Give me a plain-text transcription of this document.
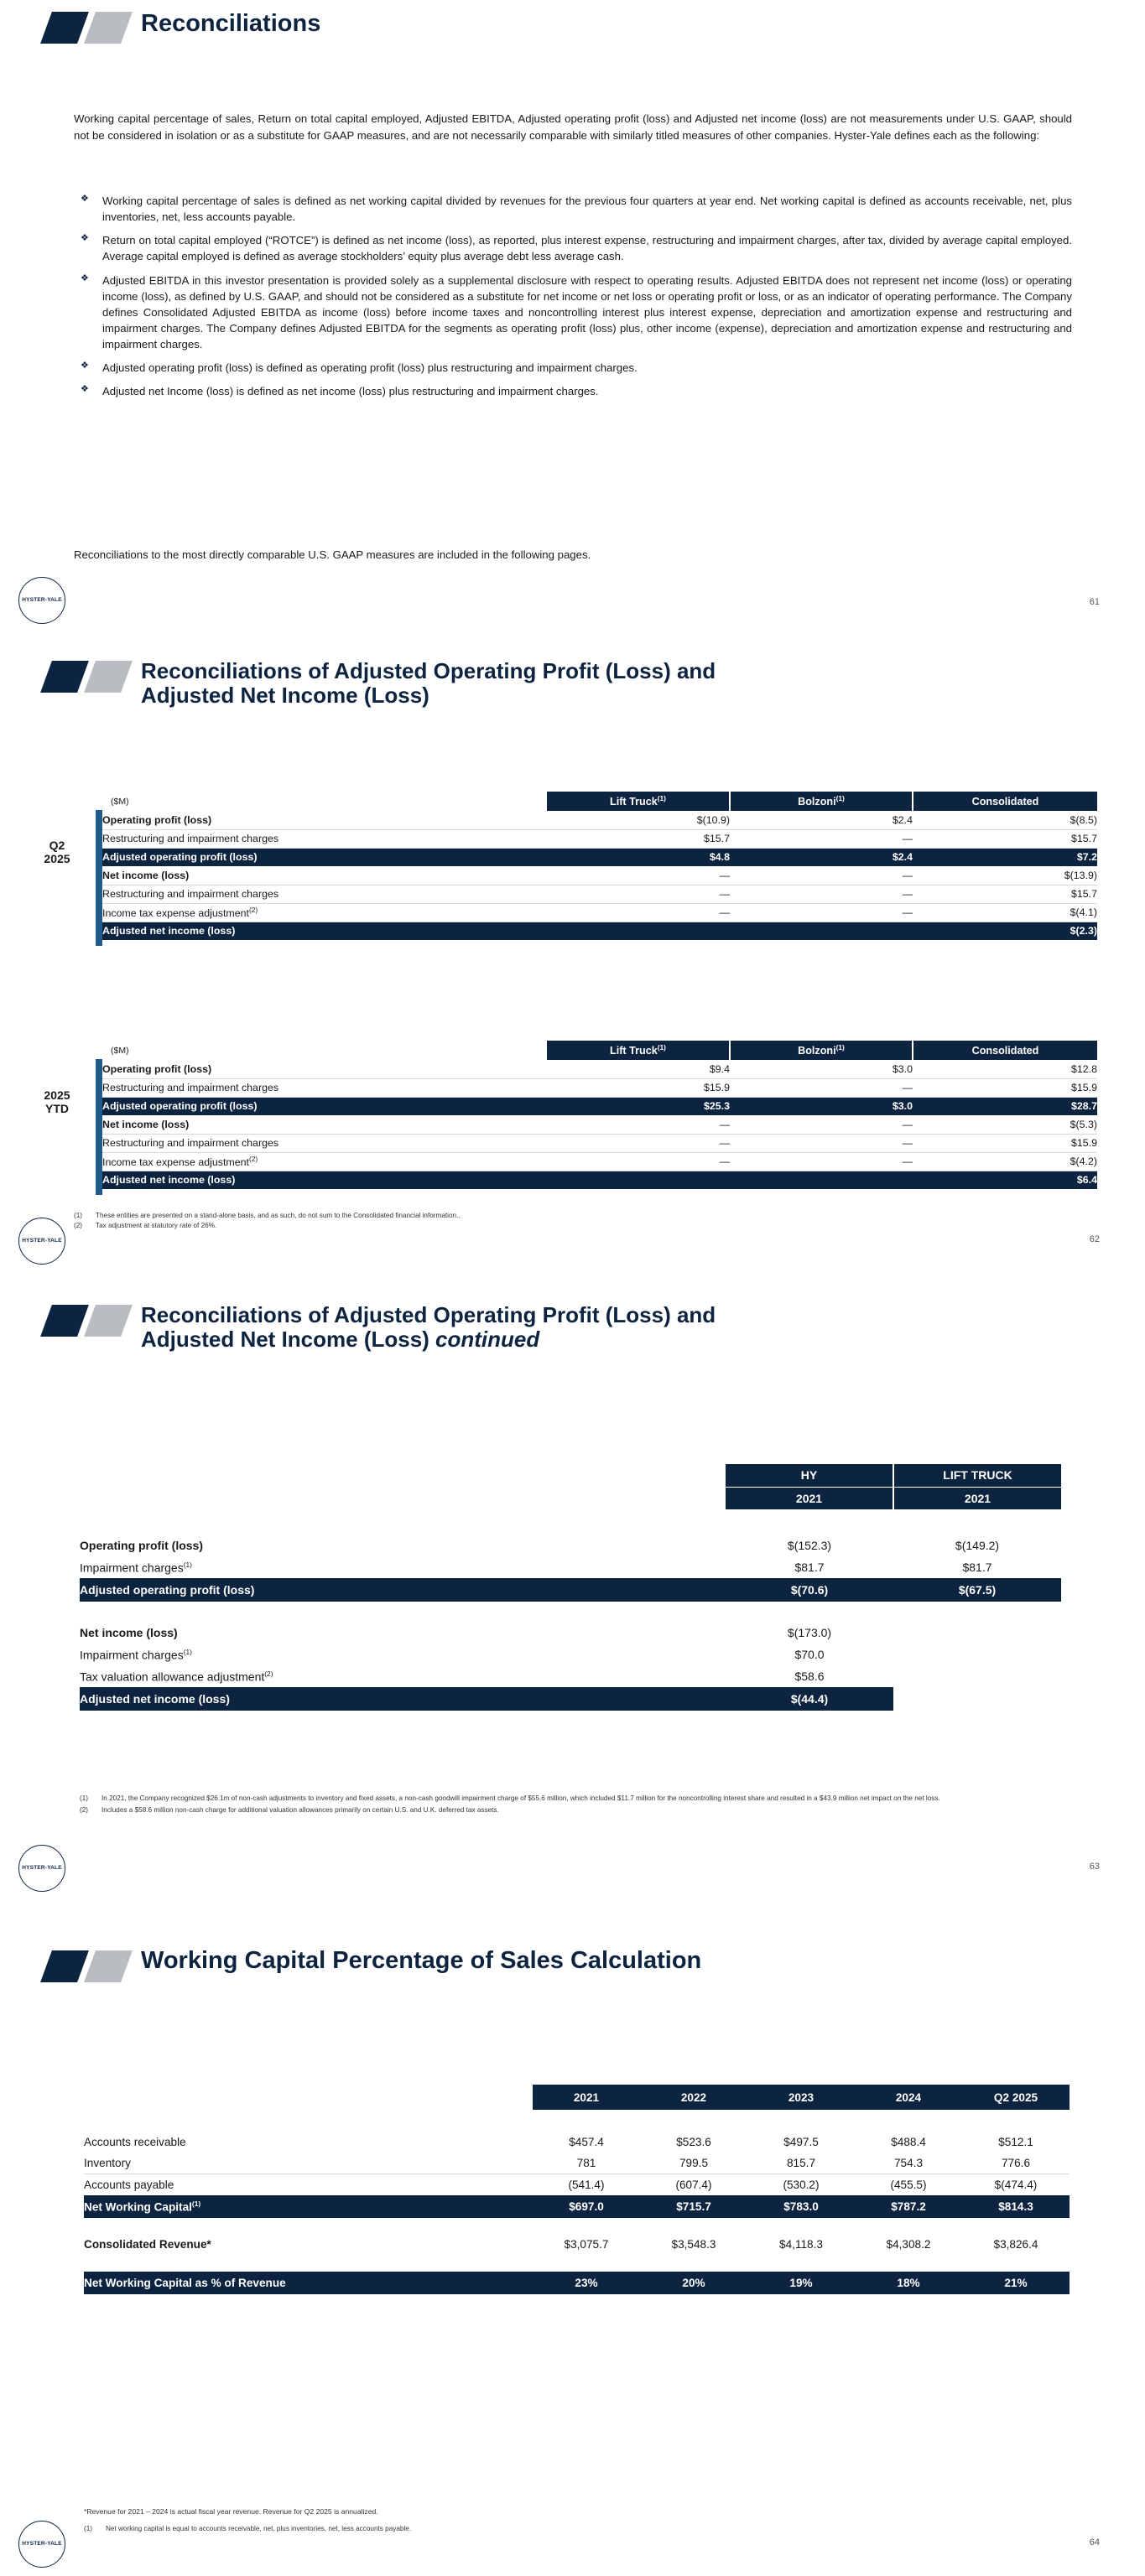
Reconciliations
Working capital percentage of sales, Return on total capital employed, Adjusted EBITDA, Adjusted operating profit (loss) and Adjusted net income (loss) are not measurements under U.S. GAAP, should not be considered in isolation or as a substitute for GAAP measures, and are not necessarily comparable with similarly titled measures of other companies. Hyster-Yale defines each as the following:
❖ Working capital percentage of sales is defined as net working capital divided by revenues for the previous four quarters at year end. Net working capital is defined as accounts receivable, net, plus inventories, net, less accounts payable.
❖ Return on total capital employed (“ROTCE”) is defined as net income (loss), as reported, plus interest expense, restructuring and impairment charges, after tax, divided by average capital employed. Average capital employed is defined as average stockholders’ equity plus average debt less average cash.
❖ Adjusted EBITDA in this investor presentation is provided solely as a supplemental disclosure with respect to operating results. Adjusted EBITDA does not represent net income (loss) or operating income (loss), as defined by U.S. GAAP, and should not be considered as a substitute for net income or net loss or operating profit or loss, or as an indicator of operating performance. The Company defines Consolidated Adjusted EBITDA as income (loss) before income taxes and noncontrolling interest plus interest expense, depreciation and amortization expense and restructuring and impairment charges. The Company defines Adjusted EBITDA for the segments as operating profit (loss) plus, other income (expense), depreciation and amortization expense and restructuring and impairment charges.
❖ Adjusted operating profit (loss) is defined as operating profit (loss) plus restructuring and impairment charges.
❖ Adjusted net Income (loss) is defined as net income (loss) plus restructuring and impairment charges.
Reconciliations to the most directly comparable U.S. GAAP measures are included in the following pages.
HYSTER-YALE	61
Reconciliations of Adjusted Operating Profit (Loss) and
Adjusted Net Income (Loss)
Q2
2025
($M)	Lift Truck$^{(1)}$	Bolzoni$^{(1)}$	Consolidated
Operating profit (loss)	$(10.9)	$2.4	$(8.5)
Restructuring and impairment charges	$15.7	—	$15.7
Adjusted operating profit (loss)	$4.8	$2.4	$7.2
Net income (loss)	—	—	$(13.9)
Restructuring and impairment charges	—	—	$15.7
Income tax expense adjustment$^{(2)}$	—	—	$(4.1)
Adjusted net income (loss)			$(2.3)
2025
YTD
($M)	Lift Truck$^{(1)}$	Bolzoni$^{(1)}$	Consolidated
Operating profit (loss)	$9.4	$3.0	$12.8
Restructuring and impairment charges	$15.9	—	$15.9
Adjusted operating profit (loss)	$25.3	$3.0	$28.7
Net income (loss)	—	—	$(5.3)
Restructuring and impairment charges	—	—	$15.9
Income tax expense adjustment$^{(2)}$	—	—	$(4.2)
Adjusted net income (loss)			$6.4
(1) These entities are presented on a stand-alone basis, and as such, do not sum to the Consolidated financial information..
(2) Tax adjustment at statutory rate of 26%.
HYSTER-YALE	62
Reconciliations of Adjusted Operating Profit (Loss) and
Adjusted Net Income (Loss) continued
	HY	LIFT TRUCK
	2021	2021

Operating profit (loss)	$(152.3)	$(149.2)
Impairment charges$^{(1)}$	$81.7	$81.7
Adjusted operating profit (loss)	$(70.6)	$(67.5)

Net income (loss)	$(173.0)	
Impairment charges$^{(1)}$	$70.0	
Tax valuation allowance adjustment$^{(2)}$	$58.6	
Adjusted net income (loss)	$(44.4)	
(1)	In 2021, the Company recognized $26.1m of non-cash adjustments to inventory and fixed assets, a non-cash goodwill impairment charge of $55.6 million, which included $11.7 million for the noncontrolling interest share and resulted in a $43.9 million net impact on the net loss.
(2)	Includes a $58.6 million non-cash charge for additional valuation allowances primarily on certain U.S. and U.K. deferred tax assets.
HYSTER-YALE	63
Working Capital Percentage of Sales Calculation
	2021	2022	2023	2024	Q2 2025

Accounts receivable	$457.4	$523.6	$497.5	$488.4	$512.1
Inventory	781	799.5	815.7	754.3	776.6
Accounts payable	(541.4)	(607.4)	(530.2)	(455.5)	$(474.4)
Net Working Capital$^{(1)}$	$697.0	$715.7	$783.0	$787.2	$814.3

Consolidated Revenue*	$3,075.7	$3,548.3	$4,118.3	$4,308.2	$3,826.4

Net Working Capital as % of Revenue	23%	20%	19%	18%	21%
*Revenue for 2021 – 2024 is actual fiscal year revenue. Revenue for Q2 2025 is annualized.
(1)	Net working capital is equal to accounts receivable, net, plus inventories, net, less accounts payable.
HYSTER-YALE	64
